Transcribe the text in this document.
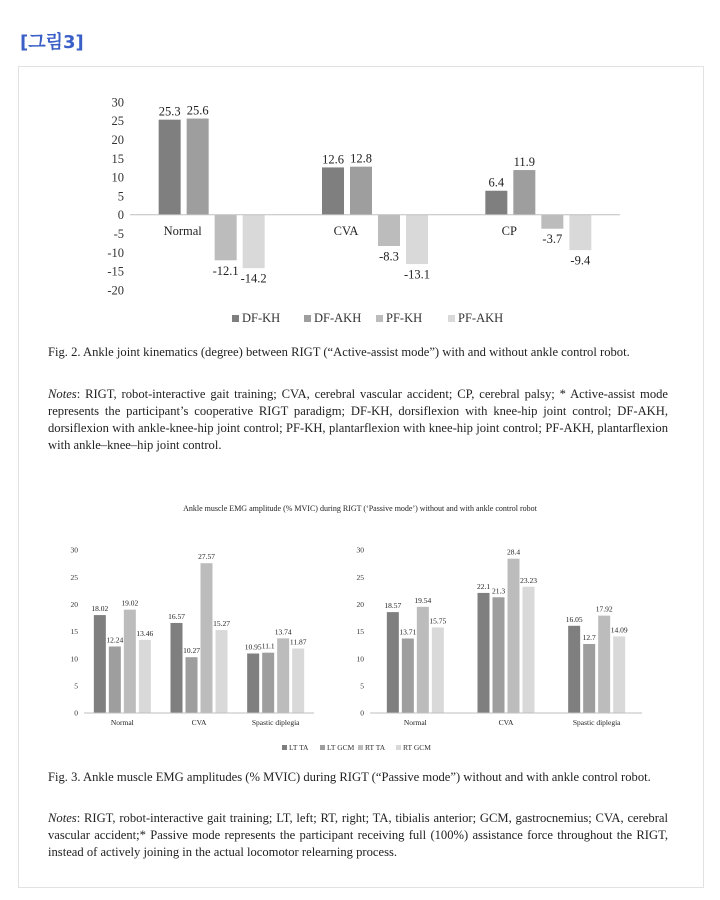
[그림3]
30
25
20
15
10
5
0
-5
-10
-15
-20
25.3 25.6
-12.1
-14.2
Normal
12.6 12.8
-8.3
-13.1
CVA
6.4
11.9
-3.7
-9.4
CP
30
25
20
15
10
5
0
18.02
12.24
19.02
13.46
Normal
16.57
10.27
27.57
15.27
CVA
10.95 11.1
13.74
11.87
Spastic diplegia
30
25
20
15
10
5
0
18.57
13.71
19.54
15.75
Normal
22.1 21.3
28.4
23.23
CVA
16.05
12.7
17.92
14.09
Spastic diplegia
DF-KH	DF-AKH PF-KH	PF-AKH
LT TA LT GCM RT TA RT GCM
Fig. 2. Ankle joint kinematics (degree) between RIGT (“Active-assist mode”) with and without ankle control robot.
Notes: RIGT, robot-interactive gait training; CVA, cerebral vascular accident; CP, cerebral palsy; * Active-assist mode represents the participant’s cooperative RIGT paradigm; DF-KH, dorsiflexion with knee-hip joint control; DF-AKH, dorsiflexion with ankle-knee-hip joint control; PF-KH, plantarflexion with knee-hip joint control; PF-AKH, plantarflexion with ankle–knee–hip joint control.
Ankle muscle EMG amplitude (% MVIC) during RIGT (‘Passive mode’) without and with ankle control robot
Fig. 3. Ankle muscle EMG amplitudes (% MVIC) during RIGT (“Passive mode”) without and with ankle control robot.
Notes: RIGT, robot-interactive gait training; LT, left; RT, right; TA, tibialis anterior; GCM, gastrocnemius; CVA, cerebral vascular accident;* Passive mode represents the participant receiving full (100%) assistance force throughout the RIGT, instead of actively joining in the actual locomotor relearning process.
